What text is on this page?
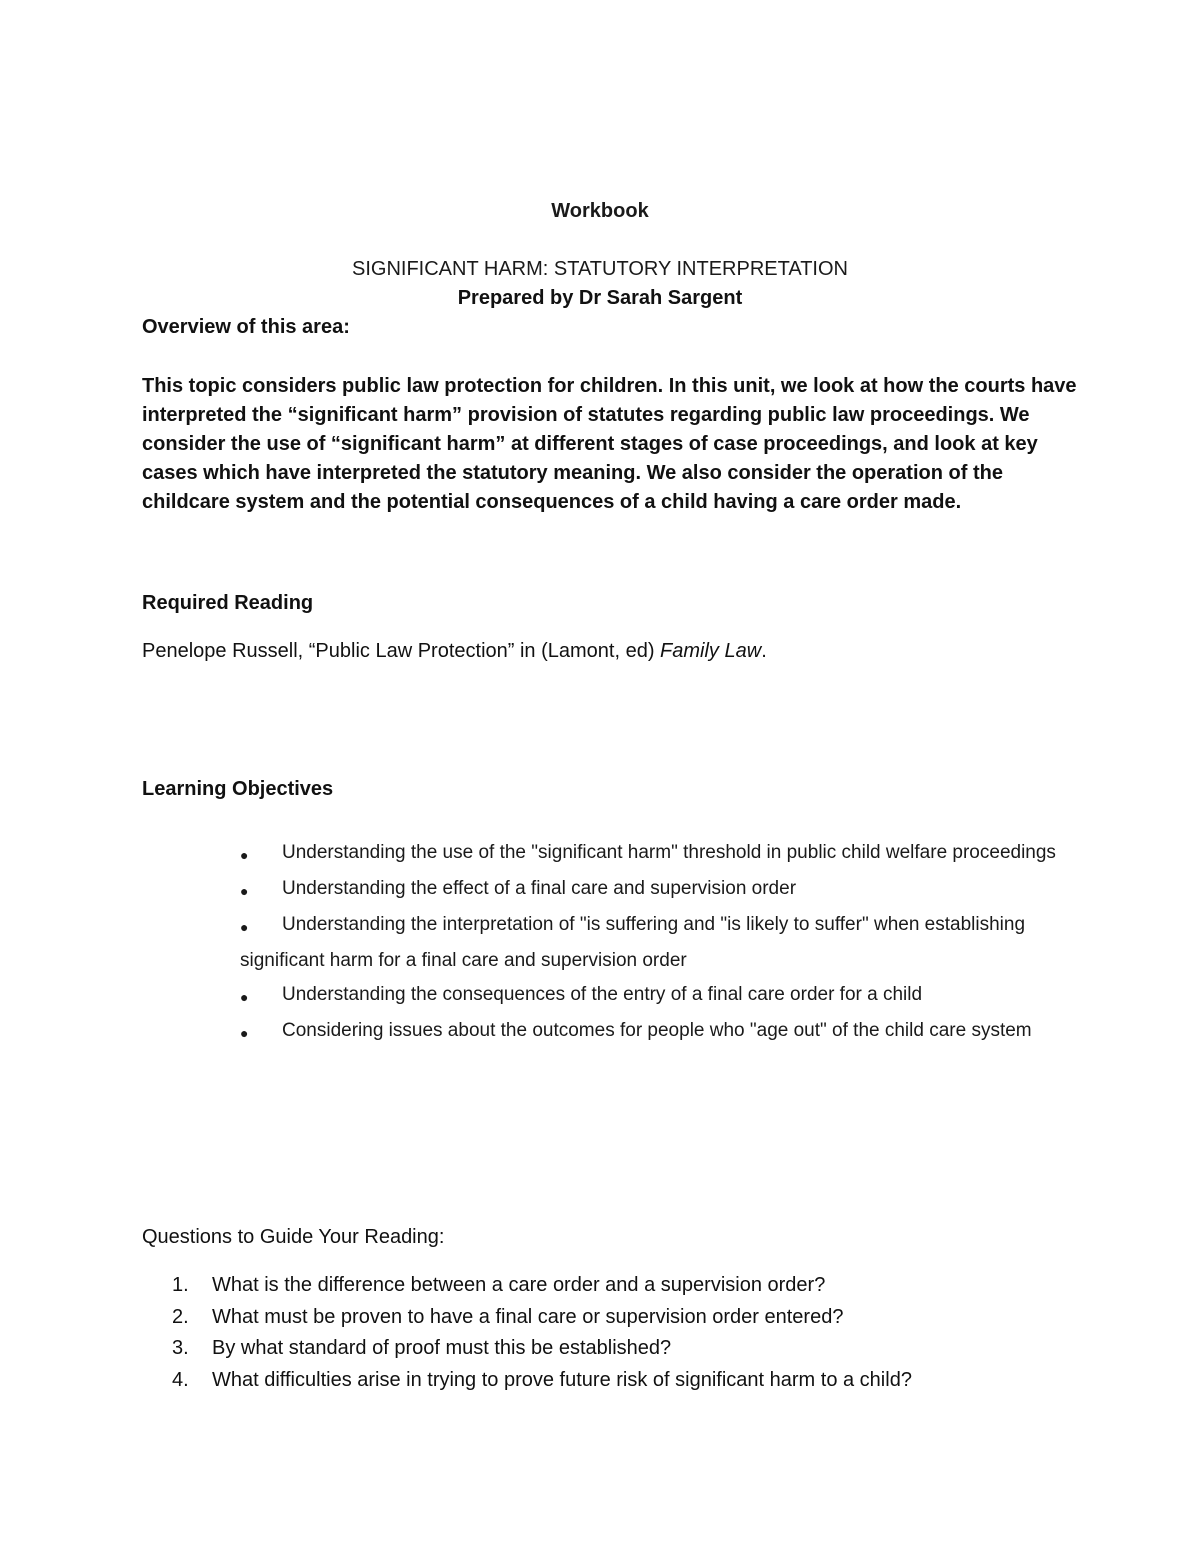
Workbook
SIGNIFICANT HARM: STATUTORY INTERPRETATION
Prepared by Dr Sarah Sargent
Overview of this area:
This topic considers public law protection for children. In this unit, we look at how the courts have interpreted the “significant harm” provision of statutes regarding public law proceedings. We consider the use of “significant harm” at different stages of case proceedings, and look at key cases which have interpreted the statutory meaning. We also consider the operation of the childcare system and the potential consequences of a child having a care order made.
Required Reading
Penelope Russell, “Public Law Protection” in (Lamont, ed) Family Law.
Learning Objectives
● Understanding the use of the "significant harm" threshold in public child welfare proceedings
● Understanding the effect of a final care and supervision order
● Understanding the interpretation of "is suffering and "is likely to suffer" when establishing significant harm for a final care and supervision order
● Understanding the consequences of the entry of a final care order for a child
● Considering issues about the outcomes for people who "age out" of the child care system
Questions to Guide Your Reading:
1. What is the difference between a care order and a supervision order?
2. What must be proven to have a final care or supervision order entered?
3. By what standard of proof must this be established?
4. What difficulties arise in trying to prove future risk of significant harm to a child?
